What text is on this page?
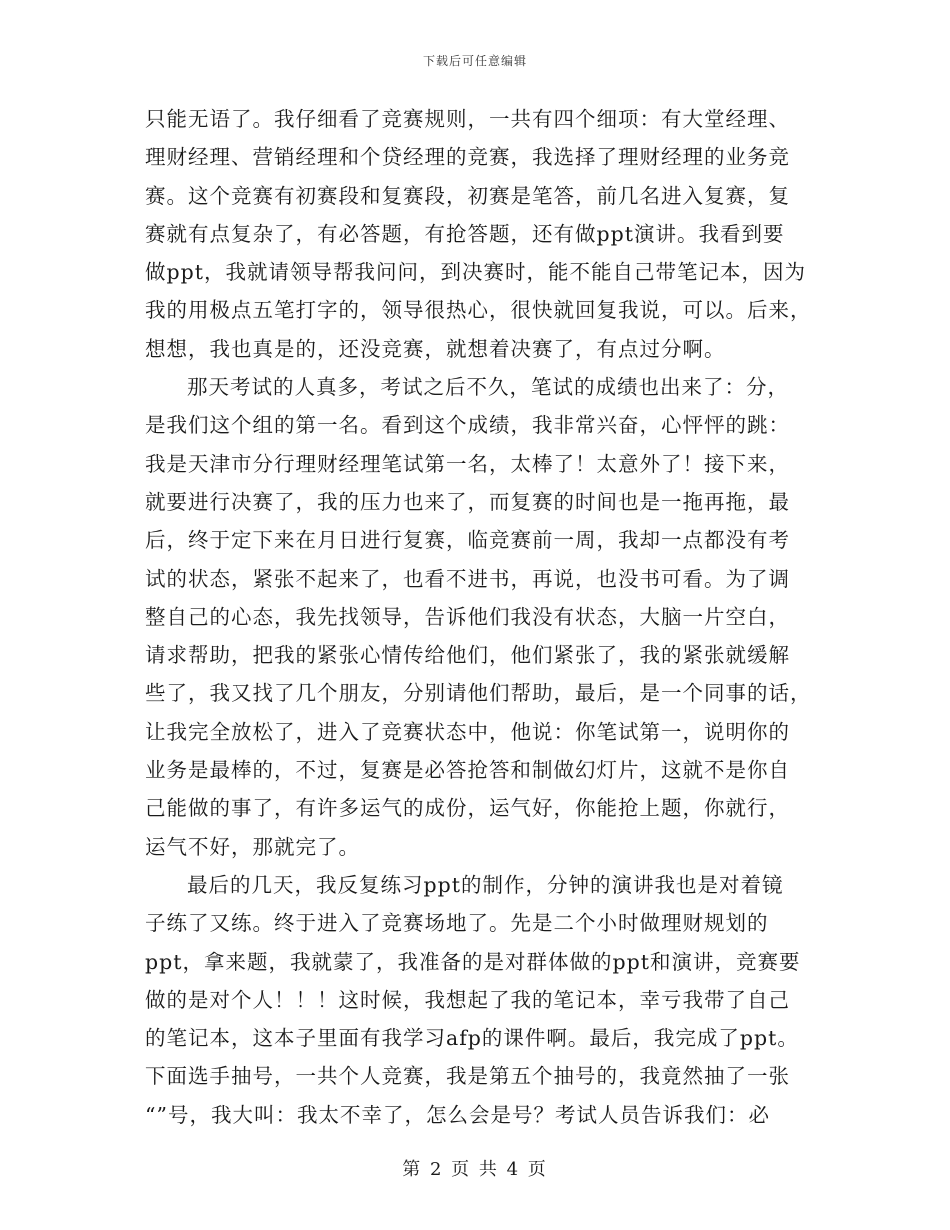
下载后可任意编辑
只能无语了。我仔细看了竞赛规则，一共有四个细项：有大堂经理、
理财经理、营销经理和个贷经理的竞赛，我选择了理财经理的业务竞
赛。这个竞赛有初赛段和复赛段，初赛是笔答，前几名进入复赛，复
赛就有点复杂了，有必答题，有抢答题，还有做ppt演讲。我看到要
做ppt，我就请领导帮我问问，到决赛时，能不能自己带笔记本，因为
我的用极点五笔打字的，领导很热心，很快就回复我说，可以。后来，
想想，我也真是的，还没竞赛，就想着决赛了，有点过分啊。
那天考试的人真多，考试之后不久，笔试的成绩也出来了：分，
是我们这个组的第一名。看到这个成绩，我非常兴奋，心怦怦的跳：
我是天津市分行理财经理笔试第一名，太棒了！太意外了！接下来，
就要进行决赛了，我的压力也来了，而复赛的时间也是一拖再拖，最
后，终于定下来在月日进行复赛，临竞赛前一周，我却一点都没有考
试的状态，紧张不起来了，也看不进书，再说，也没书可看。为了调
整自己的心态，我先找领导，告诉他们我没有状态，大脑一片空白，
请求帮助，把我的紧张心情传给他们，他们紧张了，我的紧张就缓解
些了，我又找了几个朋友，分别请他们帮助，最后，是一个同事的话，
让我完全放松了，进入了竞赛状态中，他说：你笔试第一，说明你的
业务是最棒的，不过，复赛是必答抢答和制做幻灯片，这就不是你自
己能做的事了，有许多运气的成份，运气好，你能抢上题，你就行，
运气不好，那就完了。
最后的几天，我反复练习ppt的制作，分钟的演讲我也是对着镜
子练了又练。终于进入了竞赛场地了。先是二个小时做理财规划的
ppt，拿来题，我就蒙了，我准备的是对群体做的ppt和演讲，竞赛要
做的是对个人！！！这时候，我想起了我的笔记本，幸亏我带了自己
的笔记本，这本子里面有我学习afp的课件啊。最后，我完成了ppt。
下面选手抽号，一共个人竞赛，我是第五个抽号的，我竟然抽了一张
“”号，我大叫：我太不幸了，怎么会是号？考试人员告诉我们：必
第 2 页 共 4 页
